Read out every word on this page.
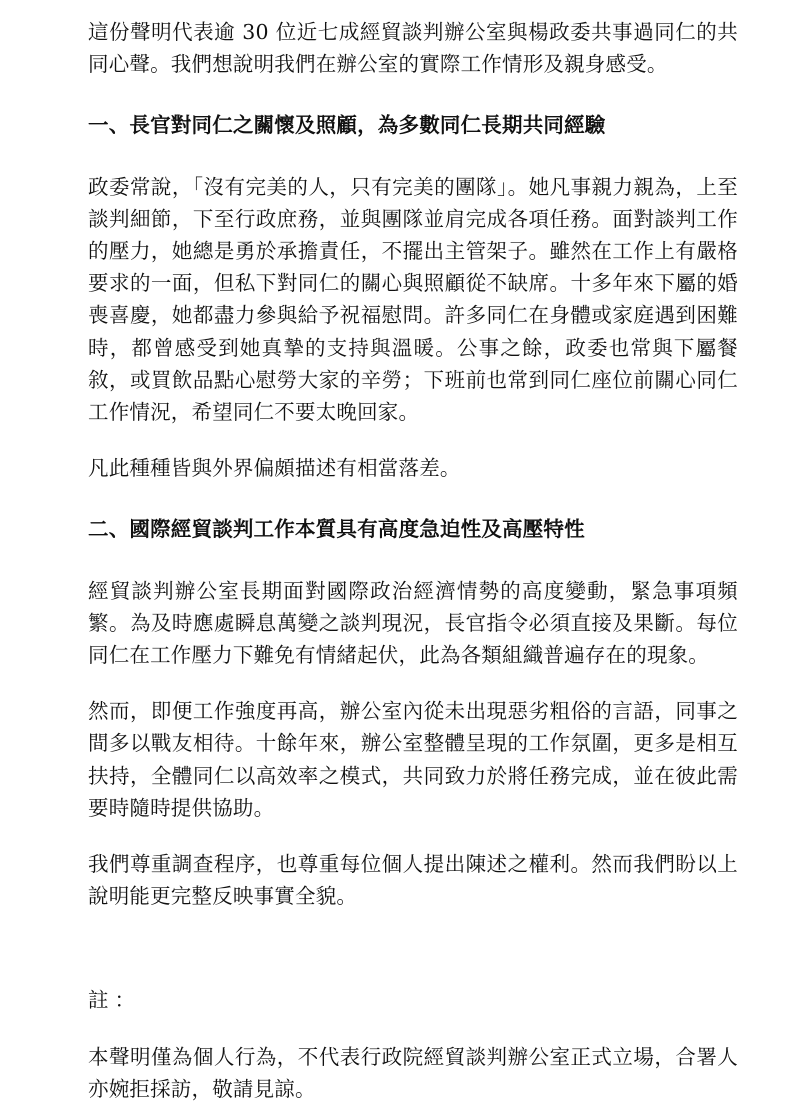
這份聲明代表逾 30 位近七成經貿談判辦公室與楊政委共事過同仁的共同心聲。我們想說明我們在辦公室的實際工作情形及親身感受。

一、長官對同仁之關懷及照顧，為多數同仁長期共同經驗

政委常說，「沒有完美的人，只有完美的團隊」。她凡事親力親為，上至談判細節，下至行政庶務，並與團隊並肩完成各項任務。面對談判工作的壓力，她總是勇於承擔責任，不擺出主管架子。雖然在工作上有嚴格要求的一面，但私下對同仁的關心與照顧從不缺席。十多年來下屬的婚喪喜慶，她都盡力參與給予祝福慰問。許多同仁在身體或家庭遇到困難時，都曾感受到她真摯的支持與溫暖。公事之餘，政委也常與下屬餐敘，或買飲品點心慰勞大家的辛勞；下班前也常到同仁座位前關心同仁工作情況，希望同仁不要太晚回家。

凡此種種皆與外界偏頗描述有相當落差。

二、國際經貿談判工作本質具有高度急迫性及高壓特性

經貿談判辦公室長期面對國際政治經濟情勢的高度變動，緊急事項頻繁。為及時應處瞬息萬變之談判現況，長官指令必須直接及果斷。每位同仁在工作壓力下難免有情緒起伏，此為各類組織普遍存在的現象。

然而，即便工作強度再高，辦公室內從未出現惡劣粗俗的言語，同事之間多以戰友相待。十餘年來，辦公室整體呈現的工作氛圍，更多是相互扶持，全體同仁以高效率之模式，共同致力於將任務完成，並在彼此需要時隨時提供協助。

我們尊重調查程序，也尊重每位個人提出陳述之權利。然而我們盼以上說明能更完整反映事實全貌。

註：

本聲明僅為個人行為，不代表行政院經貿談判辦公室正式立場，合署人亦婉拒採訪，敬請見諒。
